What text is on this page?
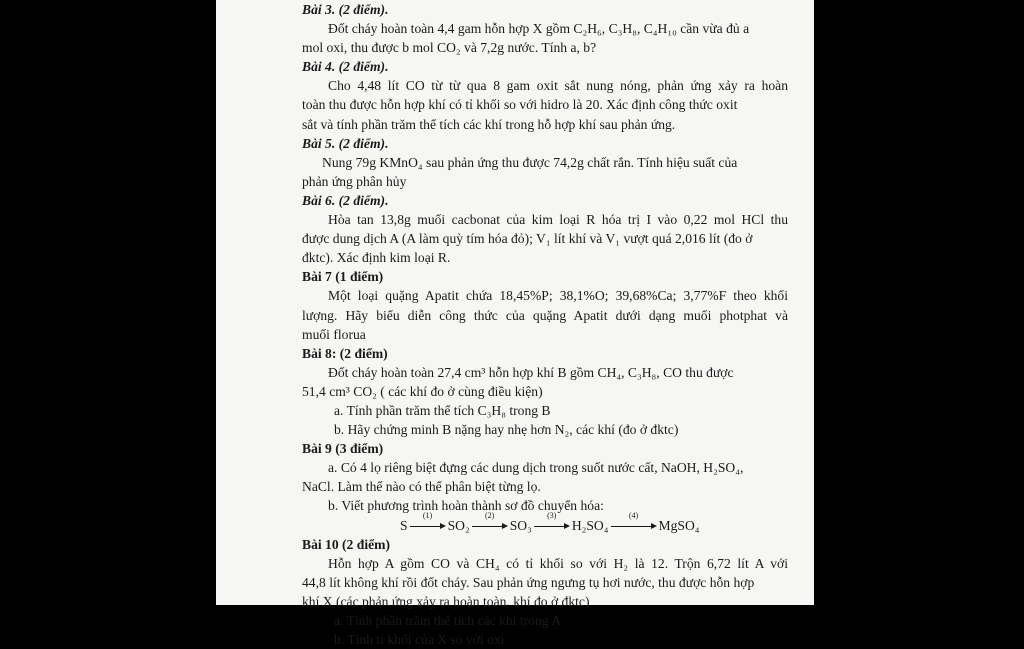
Bài 3. (2 điểm).

Đốt cháy hoàn toàn 4,4 gam hỗn hợp X gồm C₂H₆, C₃H₈, C₄H₁₀ cần vừa đủ a

mol oxi, thu được b mol CO₂ và 7,2g nước. Tính a, b?

Bài 4. (2 điểm).

Cho 4,48 lít CO từ từ qua 8 gam oxit sắt nung nóng, phản ứng xảy ra hoàn

toàn thu được hỗn hợp khí có tỉ khối so với hidro là 20. Xác định công thức oxit

sắt và tính phần trăm thể tích các khí trong hỗ hợp khí sau phản ứng.

Bài 5. (2 điểm).

Nung 79g KMnO₄ sau phản ứng thu được 74,2g chất rắn. Tính hiệu suất của

phản ứng phân hủy

Bài 6. (2 điểm).

Hòa tan 13,8g muối cacbonat của kim loại R hóa trị I vào 0,22 mol HCl thu

được dung dịch A (A làm quỳ tím hóa đỏ); V₁ lít khí và V₁ vượt quá 2,016 lít (đo ở

đktc). Xác định kim loại R.

Bài 7 (1 điểm)

Một loại quặng Apatit chứa 18,45%P; 38,1%O; 39,68%Ca; 3,77%F theo khối

lượng. Hãy biểu diễn công thức của quặng Apatit dưới dạng muối photphat và

muối florua

Bài 8: (2 điểm)

Đốt cháy hoàn toàn 27,4 cm³ hỗn hợp khí B gồm CH₄, C₃H₈, CO thu được

51,4 cm³ CO₂ ( các khí đo ở cùng điều kiện)

a. Tính phần trăm thể tích C₃H₈ trong B

b. Hãy chứng minh B nặng hay nhẹ hơn N₂, các khí (đo ở đktc)

Bài 9 (3 điểm)

a. Có 4 lọ riêng biệt đựng các dung dịch trong suốt nước cất, NaOH, H₂SO₄,

NaCl. Làm thế nào có thể phân biệt từng lọ.

b. Viết phương trình hoàn thành sơ đồ chuyển hóa:

S
(1)
SO₂
(2)
SO₃
(3)
H₂SO₄
(4)
MgSO₄

Bài 10 (2 điểm)

Hỗn hợp A gồm CO và CH₄ có tỉ khối so với H₂ là 12. Trộn 6,72 lít A với

44,8 lít không khí rồi đốt cháy. Sau phản ứng ngưng tụ hơi nước, thu được hỗn hợp

khí X (các phản ứng xảy ra hoàn toàn, khí đo ở đktc)

a. Tính phần trăm thể tích các khí trong A

b. Tính tỉ khối của X so với oxi
